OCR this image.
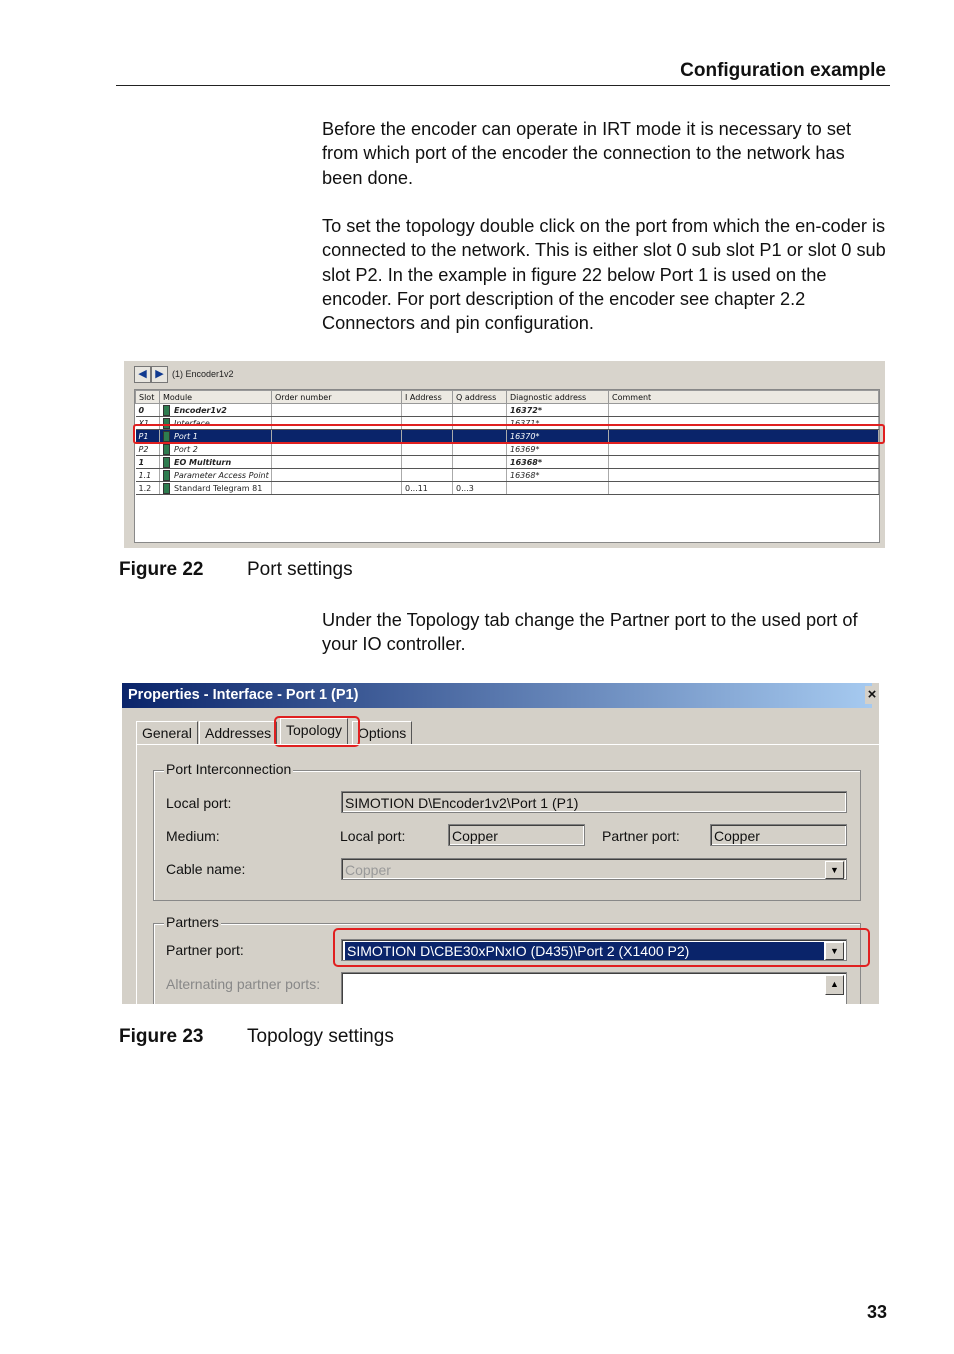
Configuration example

Before the encoder can operate in IRT mode it is necessary to set from which port of the encoder the connection to the network has been done.

To set the topology double click on the port from which the en-coder is connected to the network. This is either slot 0 sub slot P1 or slot 0 sub slot P2. In the example in figure 22 below Port 1 is used on the encoder. For port description of the encoder see chapter 2.2 Connectors and pin configuration.

◀ ▶ (1) Encoder1v2
Slot	Module	Order number	I Address	Q address	Diagnostic address	Comment
0	Encoder1v2				16372*	
X1	Interface				16371*	
P1	Port 1				16370*	
P2	Port 2				16369*	
1	EO Multiturn				16368*	
1.1	Parameter Access Point				16368*	
1.2	Standard Telegram 81		0...11	0...3		
Figure 22 Port settings

Under the Topology tab change the Partner port to the used port of your IO controller.

Properties - Interface - Port 1 (P1)	×
General Addresses	Topology	Options
Port Interconnection
Local port:	SIMOTION D\Encoder1v2\Port 1 (P1)
Medium:	Local port:	Copper	Partner port: Copper
Cable name:	Copper	▼
Partners
Partner port:	SIMOTION D\CBE30xPNxIO (D435)\Port 2 (X1400 P2)	▼
Alternating partner ports:	▲
Figure 23 Topology settings
33
